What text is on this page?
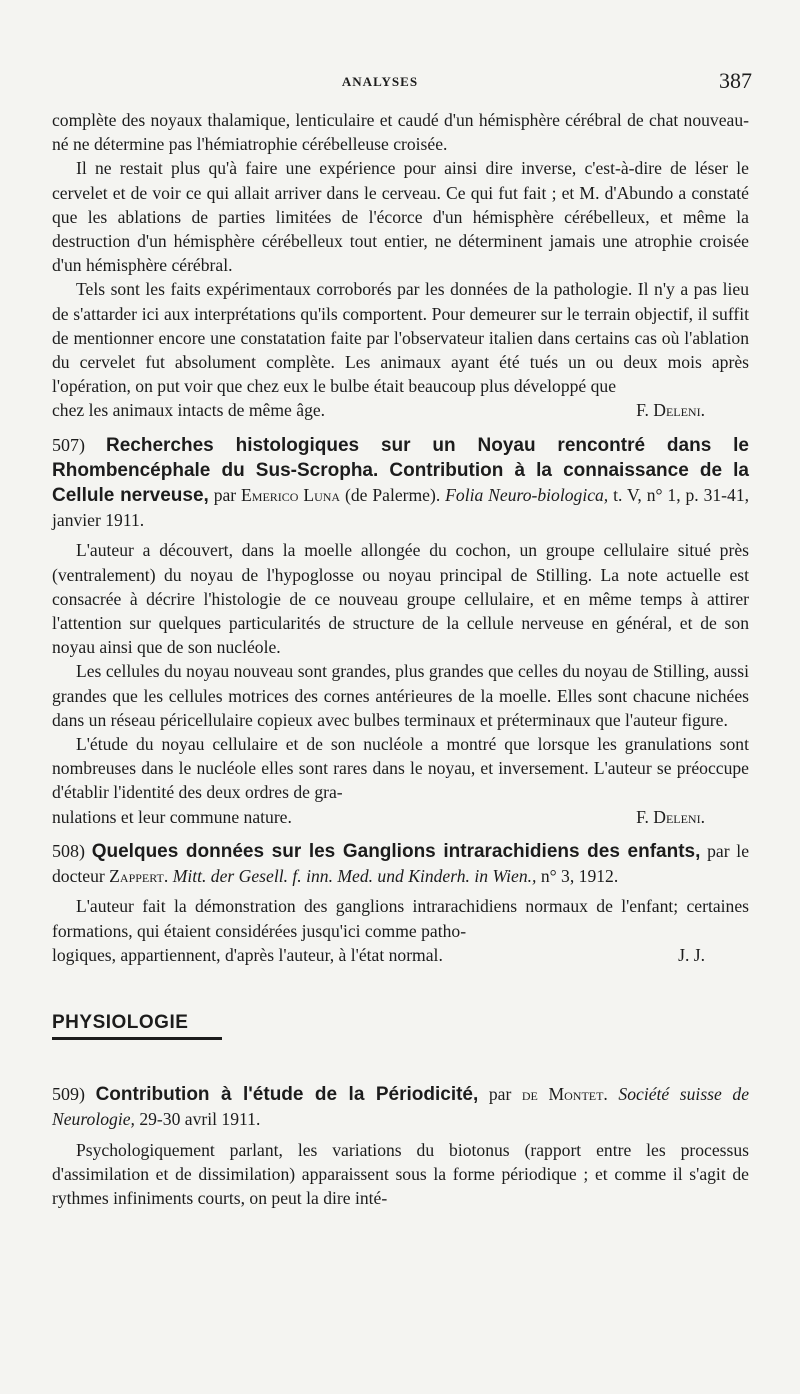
ANALYSES	387

complète des noyaux thalamique, lenticulaire et caudé d'un hémisphère cérébral de chat nouveau-né ne détermine pas l'hémiatrophie cérébelleuse croisée.

Il ne restait plus qu'à faire une expérience pour ainsi dire inverse, c'est-à-dire de léser le cervelet et de voir ce qui allait arriver dans le cerveau. Ce qui fut fait ; et M. d'Abundo a constaté que les ablations de parties limitées de l'écorce d'un hémisphère cérébelleux, et même la destruction d'un hémisphère cérébelleux tout entier, ne déterminent jamais une atrophie croisée d'un hémisphère cérébral.

Tels sont les faits expérimentaux corroborés par les données de la pathologie. Il n'y a pas lieu de s'attarder ici aux interprétations qu'ils comportent. Pour demeurer sur le terrain objectif, il suffit de mentionner encore une constatation faite par l'observateur italien dans certains cas où l'ablation du cervelet fut absolument complète. Les animaux ayant été tués un ou deux mois après l'opération, on put voir que chez eux le bulbe était beaucoup plus développé que

chez les animaux intacts de même âge.	F. Deleni.

507) Recherches histologiques sur un Noyau rencontré dans le Rhombencéphale du Sus-Scropha. Contribution à la connaissance de la Cellule nerveuse, par Emerico Luna (de Palerme). Folia Neuro-biologica, t. V, n° 1, p. 31-41, janvier 1911.

L'auteur a découvert, dans la moelle allongée du cochon, un groupe cellulaire situé près (ventralement) du noyau de l'hypoglosse ou noyau principal de Stilling. La note actuelle est consacrée à décrire l'histologie de ce nouveau groupe cellulaire, et en même temps à attirer l'attention sur quelques particularités de structure de la cellule nerveuse en général, et de son noyau ainsi que de son nucléole.

Les cellules du noyau nouveau sont grandes, plus grandes que celles du noyau de Stilling, aussi grandes que les cellules motrices des cornes antérieures de la moelle. Elles sont chacune nichées dans un réseau péricellulaire copieux avec bulbes terminaux et préterminaux que l'auteur figure.

L'étude du noyau cellulaire et de son nucléole a montré que lorsque les granulations sont nombreuses dans le nucléole elles sont rares dans le noyau, et inversement. L'auteur se préoccupe d'établir l'identité des deux ordres de gra-

nulations et leur commune nature.	F. Deleni.

508) Quelques données sur les Ganglions intrarachidiens des enfants, par le docteur Zappert. Mitt. der Gesell. f. inn. Med. und Kinderh. in Wien., n° 3, 1912.

L'auteur fait la démonstration des ganglions intrarachidiens normaux de l'enfant; certaines formations, qui étaient considérées jusqu'ici comme patho-

logiques, appartiennent, d'après l'auteur, à l'état normal.	J. J.
PHYSIOLOGIE

509) Contribution à l'étude de la Périodicité, par de Montet. Société suisse de Neurologie, 29-30 avril 1911.

Psychologiquement parlant, les variations du biotonus (rapport entre les processus d'assimilation et de dissimilation) apparaissent sous la forme périodique ; et comme il s'agit de rythmes infiniments courts, on peut la dire inté-
